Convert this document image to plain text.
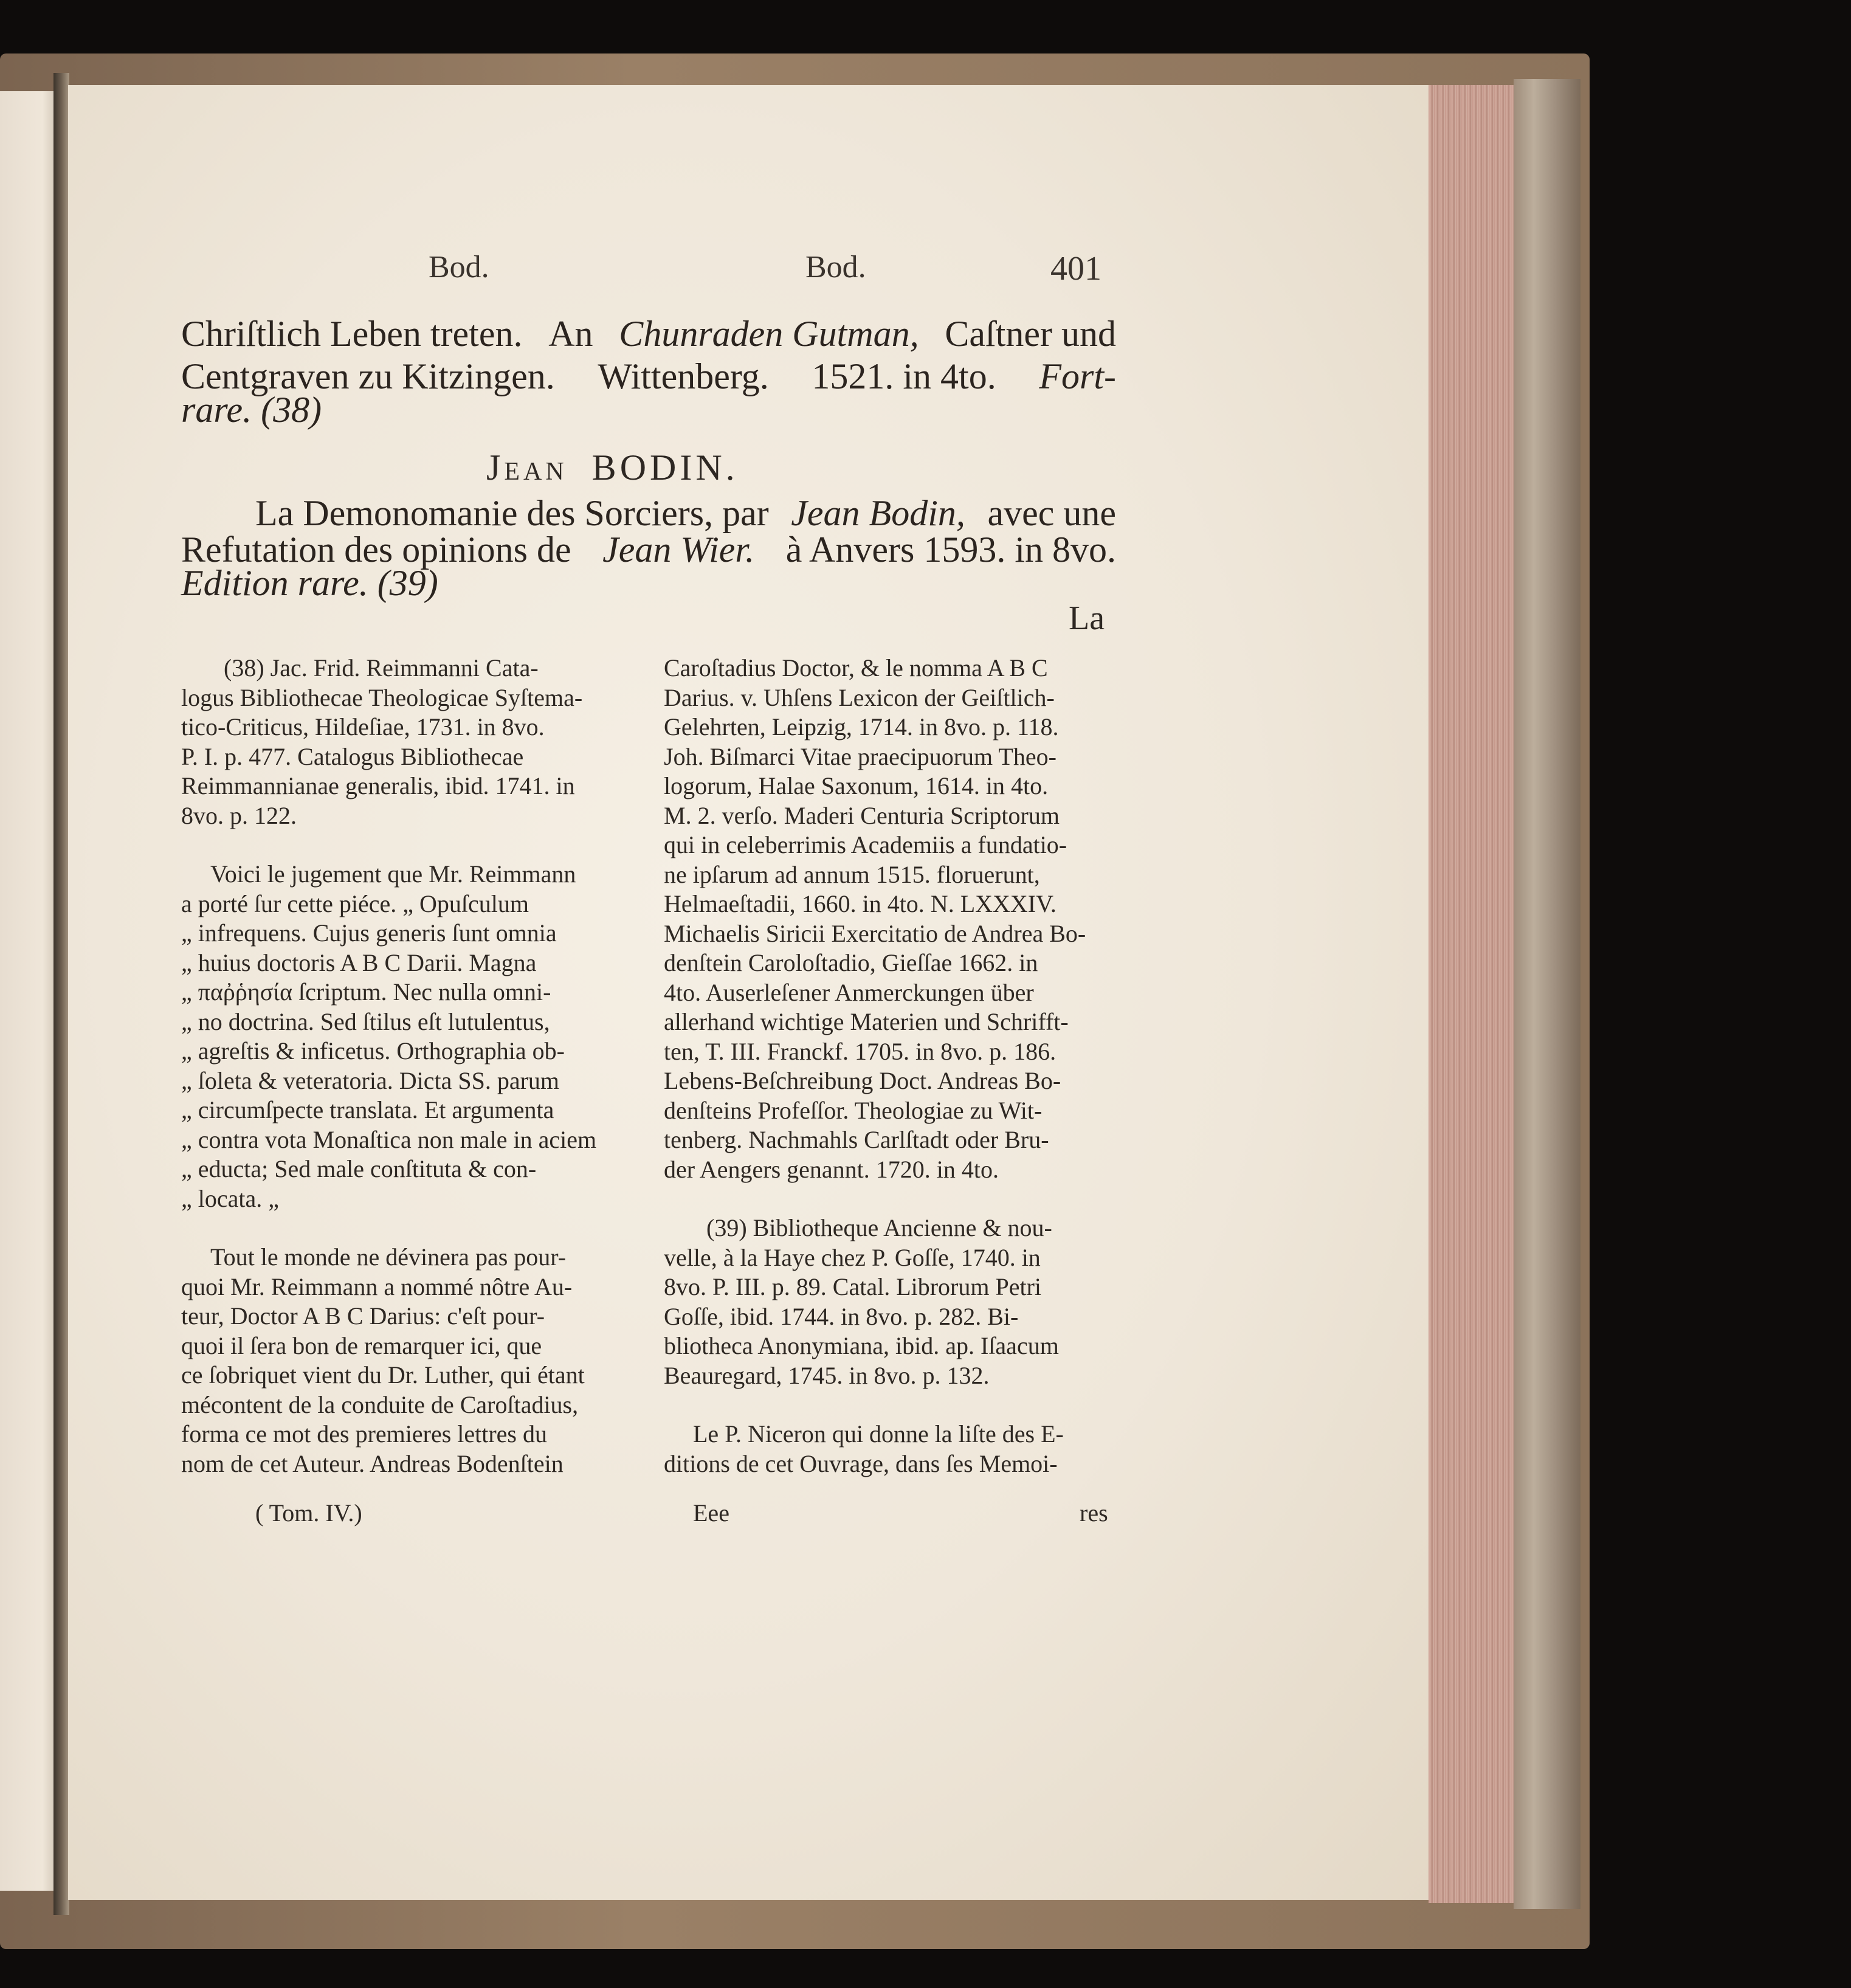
Bod.	Bod.	401
Chriſtlich Leben treten. An Chunraden Gutman, Caſtner und
Centgraven zu Kitzingen. Wittenberg. 1521. in 4to. Fort-
rare. (38)
Jean BODIN.
La Demonomanie des Sorciers, par Jean Bodin, avec une
Refutation des opinions de Jean Wier. à Anvers 1593. in 8vo.
Edition rare. (39)
La
(38) Jac. Frid. Reimmanni Cata-
logus Bibliothecae Theologicae Syſtema-
tico-Criticus, Hildeſiae, 1731. in 8vo.
P. I. p. 477. Catalogus Bibliothecae
Reimmannianae generalis, ibid. 1741. in
8vo. p. 122.
Voici le jugement que Mr. Reimmann
a porté ſur cette piéce. „ Opuſculum
„ infrequens. Cujus generis ſunt omnia
„ huius doctoris A B C Darii. Magna
„ παῤῥησία ſcriptum. Nec nulla omni-
„ no doctrina. Sed ſtilus eſt lutulentus,
„ agreſtis & inficetus. Orthographia ob-
„ ſoleta & veteratoria. Dicta SS. parum
„ circumſpecte translata. Et argumenta
„ contra vota Monaſtica non male in aciem
„ educta; Sed male conſtituta & con-
„ locata. „
Tout le monde ne dévinera pas pour-
quoi Mr. Reimmann a nommé nôtre Au-
teur, Doctor A B C Darius: c'eſt pour-
quoi il ſera bon de remarquer ici, que
ce ſobriquet vient du Dr. Luther, qui étant
mécontent de la conduite de Caroſtadius,
forma ce mot des premieres lettres du
nom de cet Auteur. Andreas Bodenſtein
Caroſtadius Doctor, & le nomma A B C
Darius. v. Uhſens Lexicon der Geiſtlich-
Gelehrten, Leipzig, 1714. in 8vo. p. 118.
Joh. Biſmarci Vitae praecipuorum Theo-
logorum, Halae Saxonum, 1614. in 4to.
M. 2. verſo. Maderi Centuria Scriptorum
qui in celeberrimis Academiis a fundatio-
ne ipſarum ad annum 1515. floruerunt,
Helmaeſtadii, 1660. in 4to. N. LXXXIV.
Michaelis Siricii Exercitatio de Andrea Bo-
denſtein Caroloſtadio, Gieſſae 1662. in
4to. Auserleſener Anmerckungen über
allerhand wichtige Materien und Schrifft-
ten, T. III. Franckf. 1705. in 8vo. p. 186.
Lebens-Beſchreibung Doct. Andreas Bo-
denſteins Profeſſor. Theologiae zu Wit-
tenberg. Nachmahls Carlſtadt oder Bru-
der Aengers genannt. 1720. in 4to.
(39) Bibliotheque Ancienne & nou-
velle, à la Haye chez P. Goſſe, 1740. in
8vo. P. III. p. 89. Catal. Librorum Petri
Goſſe, ibid. 1744. in 8vo. p. 282. Bi-
bliotheca Anonymiana, ibid. ap. Iſaacum
Beauregard, 1745. in 8vo. p. 132.
Le P. Niceron qui donne la liſte des E-
ditions de cet Ouvrage, dans ſes Memoi-
( Tom. IV.)	Eee	res
